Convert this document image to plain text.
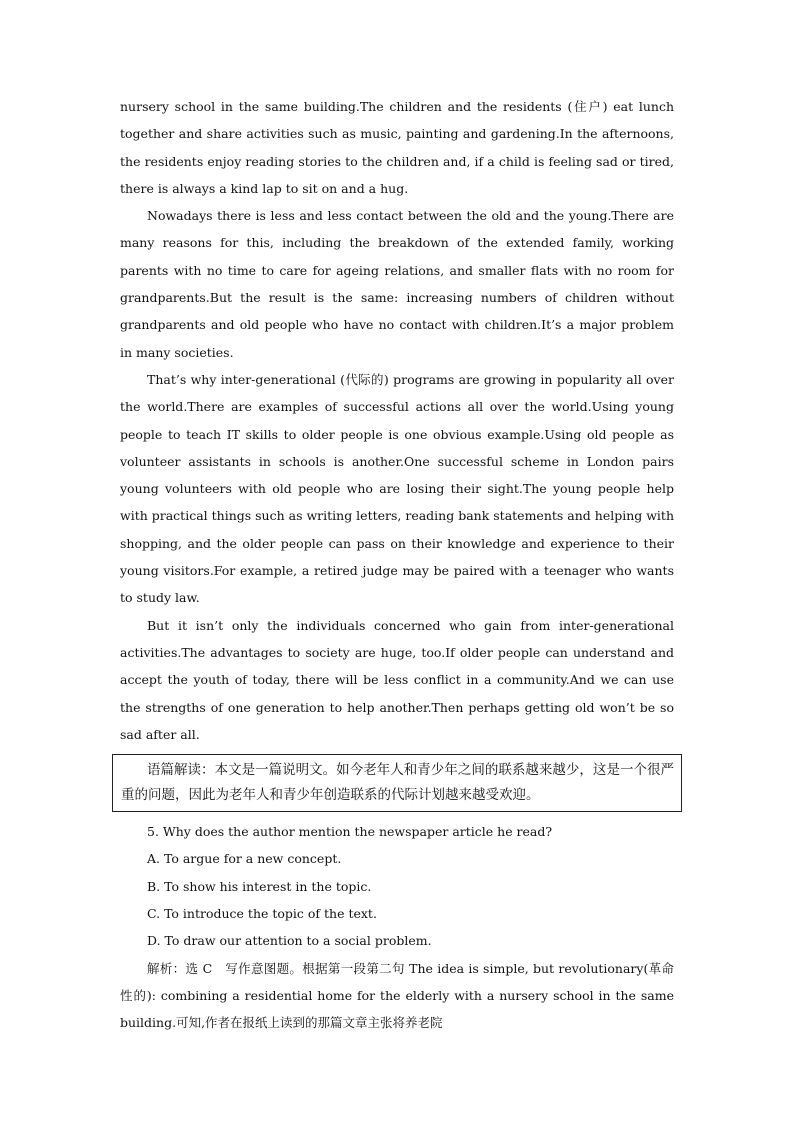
nursery school in the same building.The children and the residents (住户) eat lunch together and share activities such as music, painting and gardening.In the afternoons, the residents enjoy reading stories to the children and, if a child is feeling sad or tired, there is always a kind lap to sit on and a hug.

Nowadays there is less and less contact between the old and the young.There are many reasons for this, including the breakdown of the extended family, working parents with no time to care for ageing relations, and smaller flats with no room for grandparents.But the result is the same: increasing numbers of children without grandparents and old people who have no contact with children.It’s a major problem in many societies.

That’s why inter-generational (代际的) programs are growing in popularity all over the world.There are examples of successful actions all over the world.Using young people to teach IT skills to older people is one obvious example.Using old people as volunteer assistants in schools is another.One successful scheme in London pairs young volunteers with old people who are losing their sight.The young people help with practical things such as writing letters, reading bank statements and helping with shopping, and the older people can pass on their knowledge and experience to their young visitors.For example, a retired judge may be paired with a teenager who wants to study law.

But it isn’t only the individuals concerned who gain from inter-generational activities.The advantages to society are huge, too.If older people can understand and accept the youth of today, there will be less conflict in a community.And we can use the strengths of one generation to help another.Then perhaps getting old won’t be so sad after all.

语篇解读：本文是一篇说明文。如今老年人和青少年之间的联系越来越少，这是一个很严重的问题，因此为老年人和青少年创造联系的代际计划越来越受欢迎。

5. Why does the author mention the newspaper article he read?

A. To argue for a new concept.

B. To show his interest in the topic.

C. To introduce the topic of the text.

D. To draw our attention to a social problem.

解析：选 C　写作意图题。根据第一段第二句 The idea is simple, but revolutionary(革命性的): combining a residential home for the elderly with a nursery school in the same building.可知,作者在报纸上读到的那篇文章主张将养老院
